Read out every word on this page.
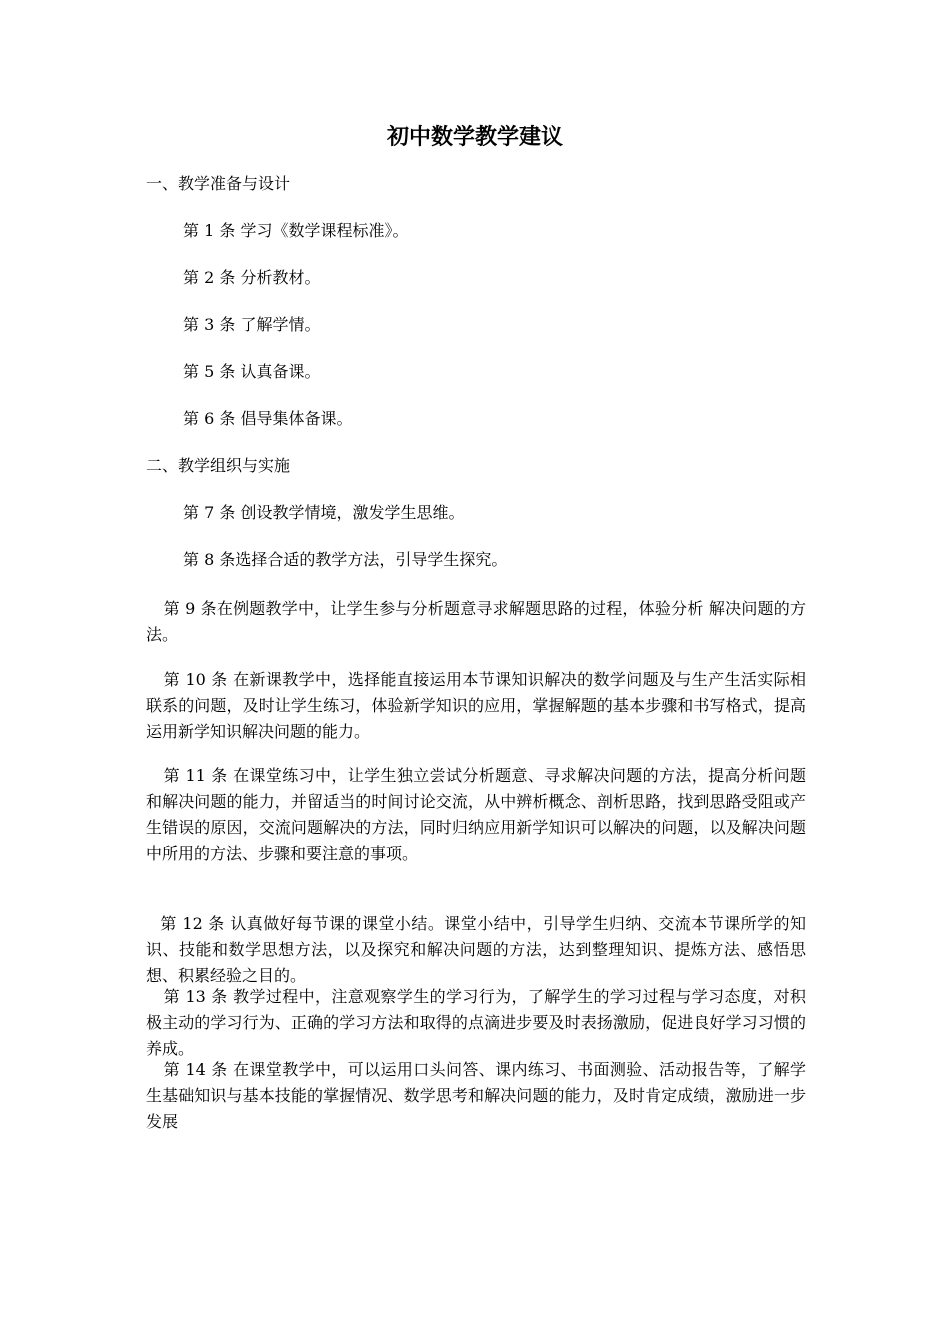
初中数学教学建议

一、教学准备与设计

第 1 条 学习《数学课程标准》。

第 2 条 分析教材。

第 3 条 了解学情。

第 5 条 认真备课。

第 6 条 倡导集体备课。

二、教学组织与实施

第 7 条 创设教学情境，激发学生思维。

第 8 条选择合适的教学方法，引导学生探究。

第 9 条在例题教学中，让学生参与分析题意寻求解题思路的过程，体验分析 解决问题的方法。

第 10 条 在新课教学中，选择能直接运用本节课知识解决的数学问题及与生产生活实际相联系的问题，及时让学生练习，体验新学知识的应用，掌握解题的基本步骤和书写格式，提高运用新学知识解决问题的能力。

第 11 条 在课堂练习中，让学生独立尝试分析题意、寻求解决问题的方法，提高分析问题和解决问题的能力，并留适当的时间讨论交流，从中辨析概念、剖析思路，找到思路受阻或产生错误的原因，交流问题解决的方法，同时归纳应用新学知识可以解决的问题，以及解决问题中所用的方法、步骤和要注意的事项。

第 12 条 认真做好每节课的课堂小结。课堂小结中，引导学生归纳、交流本节课所学的知识、技能和数学思想方法，以及探究和解决问题的方法，达到整理知识、提炼方法、感悟思想、积累经验之目的。

第 13 条 教学过程中，注意观察学生的学习行为，了解学生的学习过程与学习态度，对积极主动的学习行为、正确的学习方法和取得的点滴进步要及时表扬激励，促进良好学习习惯的养成。

第 14 条 在课堂教学中，可以运用口头问答、课内练习、书面测验、活动报告等，了解学生基础知识与基本技能的掌握情况、数学思考和解决问题的能力，及时肯定成绩，激励进一步发展
